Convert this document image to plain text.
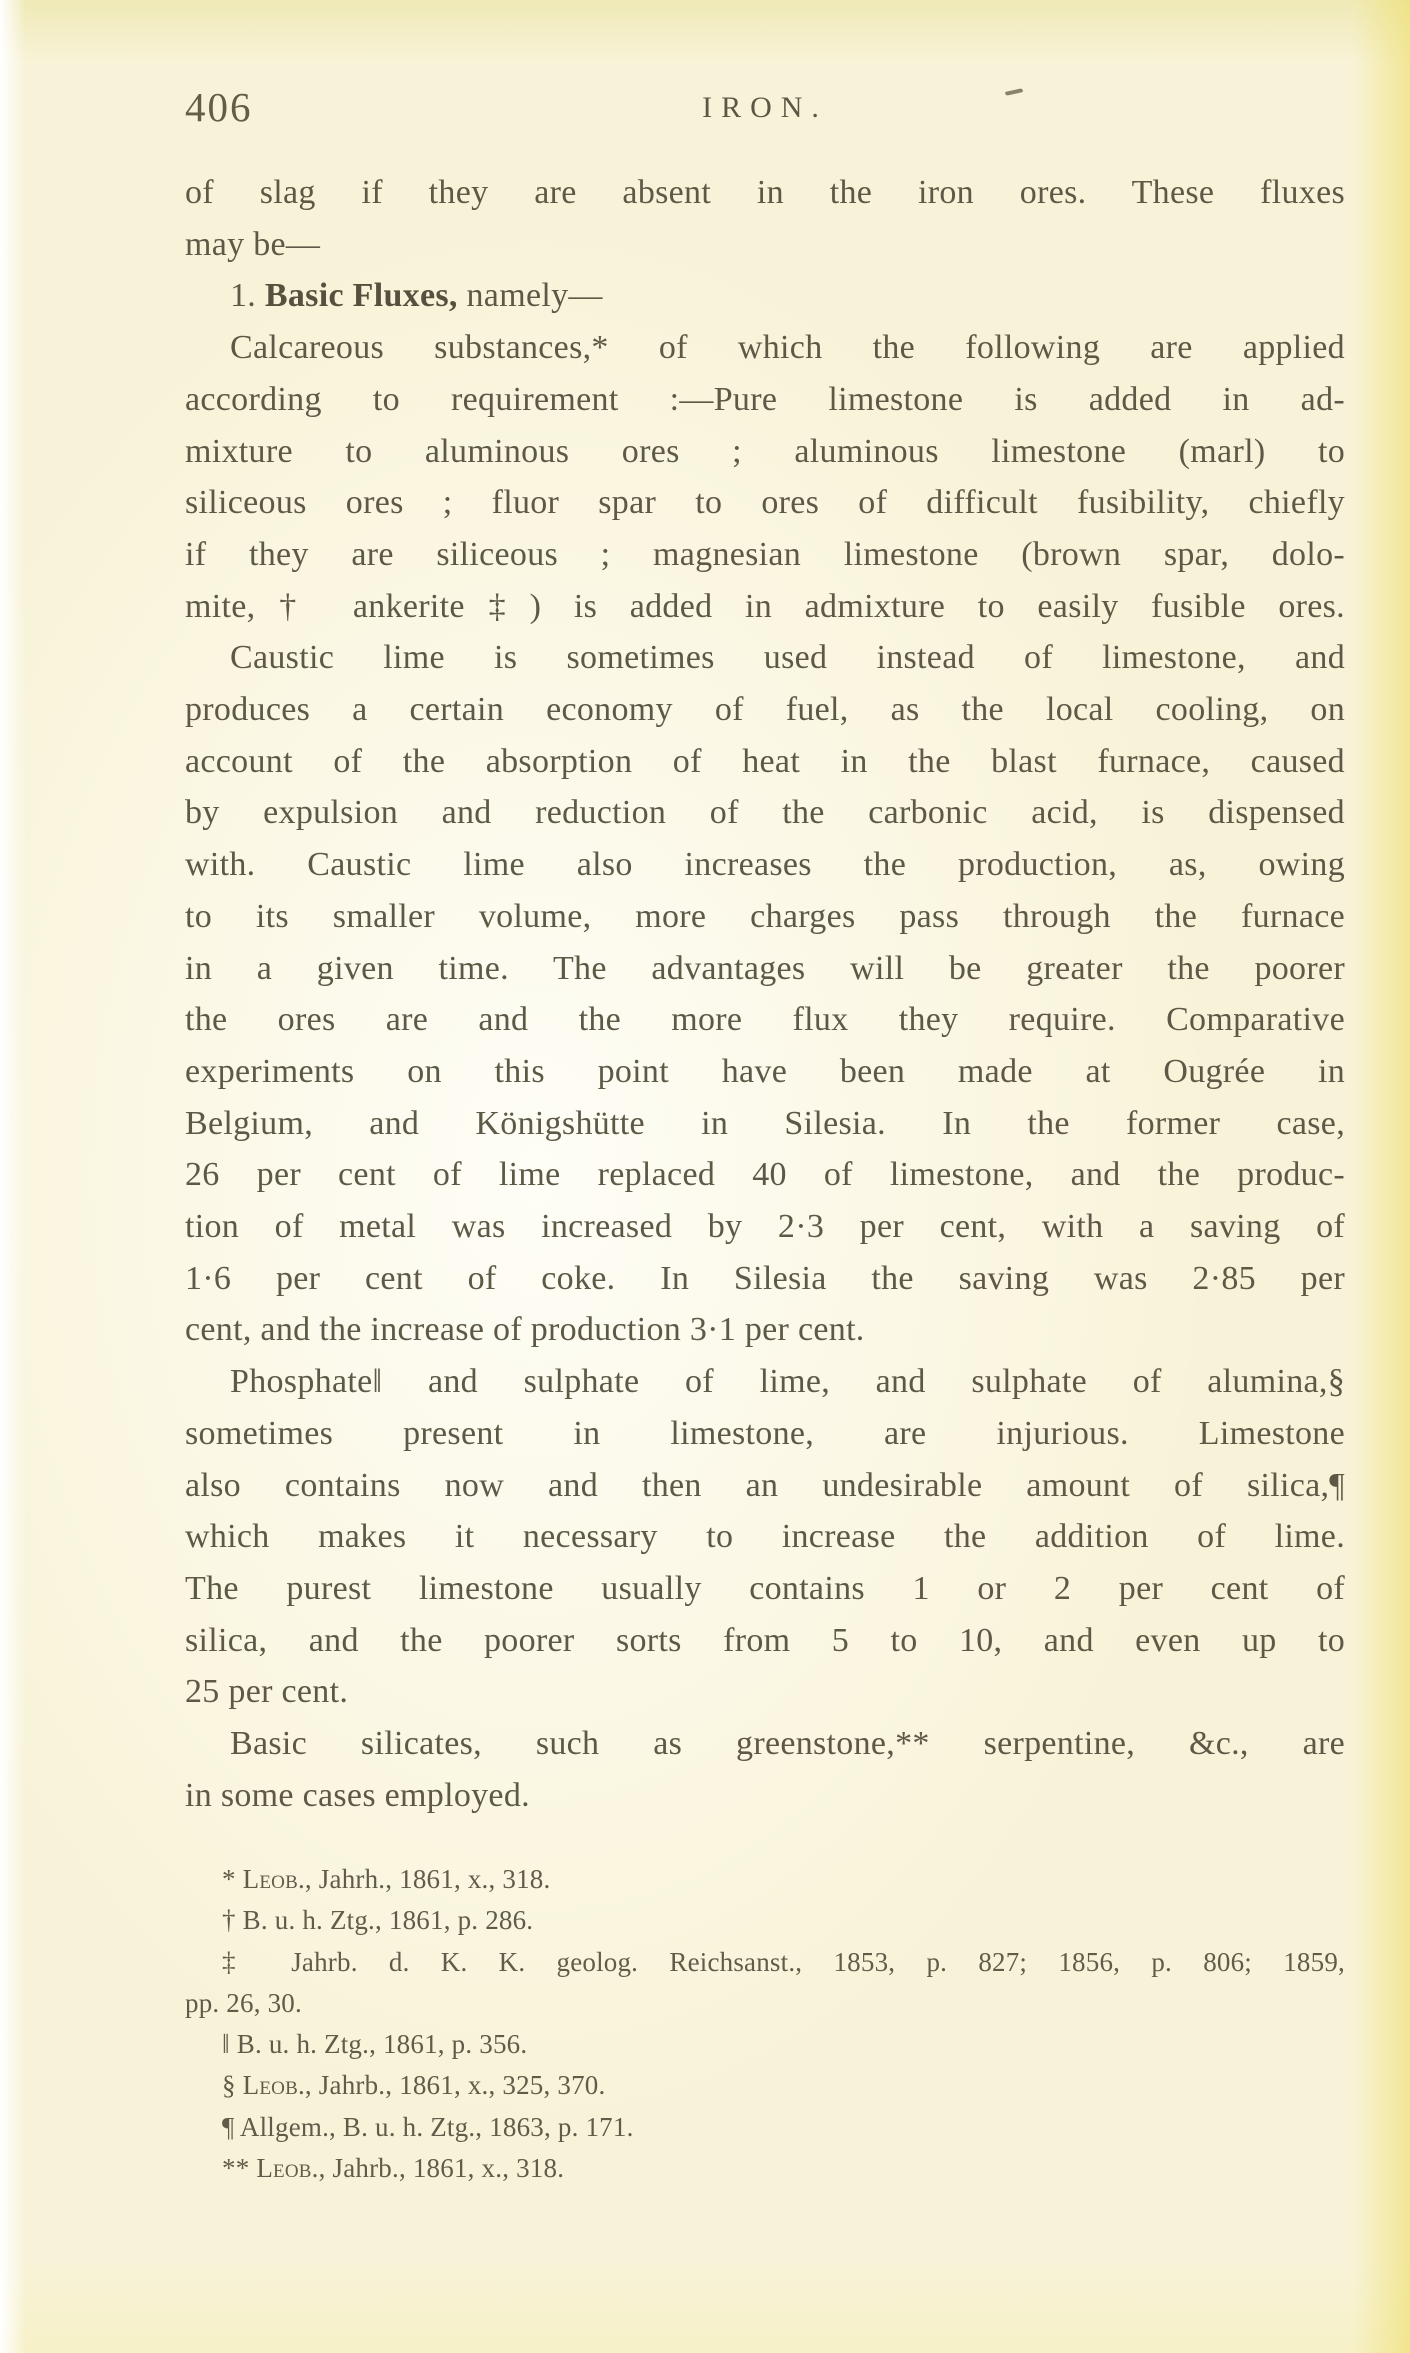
406	IRON.
of slag if they are absent in the iron ores. These fluxes
may be—
1. Basic Fluxes, namely—
Calcareous substances,* of which the following are applied
according to requirement :—Pure limestone is added in ad-
mixture to aluminous ores ; aluminous limestone (marl) to
siliceous ores ; fluor spar to ores of difficult fusibility, chiefly
if they are siliceous ; magnesian limestone (brown spar, dolo-
mite,† ankerite‡) is added in admixture to easily fusible ores.
Caustic lime is sometimes used instead of limestone, and
produces a certain economy of fuel, as the local cooling, on
account of the absorption of heat in the blast furnace, caused
by expulsion and reduction of the carbonic acid, is dispensed
with. Caustic lime also increases the production, as, owing
to its smaller volume, more charges pass through the furnace
in a given time. The advantages will be greater the poorer
the ores are and the more flux they require. Comparative
experiments on this point have been made at Ougrée in
Belgium, and Königshütte in Silesia. In the former case,
26 per cent of lime replaced 40 of limestone, and the produc-
tion of metal was increased by 2·3 per cent, with a saving of
1·6 per cent of coke. In Silesia the saving was 2·85 per
cent, and the increase of production 3·1 per cent.
Phosphate‖ and sulphate of lime, and sulphate of alumina,§
sometimes present in limestone, are injurious. Limestone
also contains now and then an undesirable amount of silica,¶
which makes it necessary to increase the addition of lime.
The purest limestone usually contains 1 or 2 per cent of
silica, and the poorer sorts from 5 to 10, and even up to
25 per cent.
Basic silicates, such as greenstone,** serpentine, &c., are
in some cases employed.
* Leob., Jahrh., 1861, x., 318.
† B. u. h. Ztg., 1861, p. 286.
‡ Jahrb. d. K. K. geolog. Reichsanst., 1853, p. 827; 1856, p. 806; 1859,
pp. 26, 30.
‖ B. u. h. Ztg., 1861, p. 356.
§ Leob., Jahrb., 1861, x., 325, 370.
¶ Allgem., B. u. h. Ztg., 1863, p. 171.
** Leob., Jahrb., 1861, x., 318.
